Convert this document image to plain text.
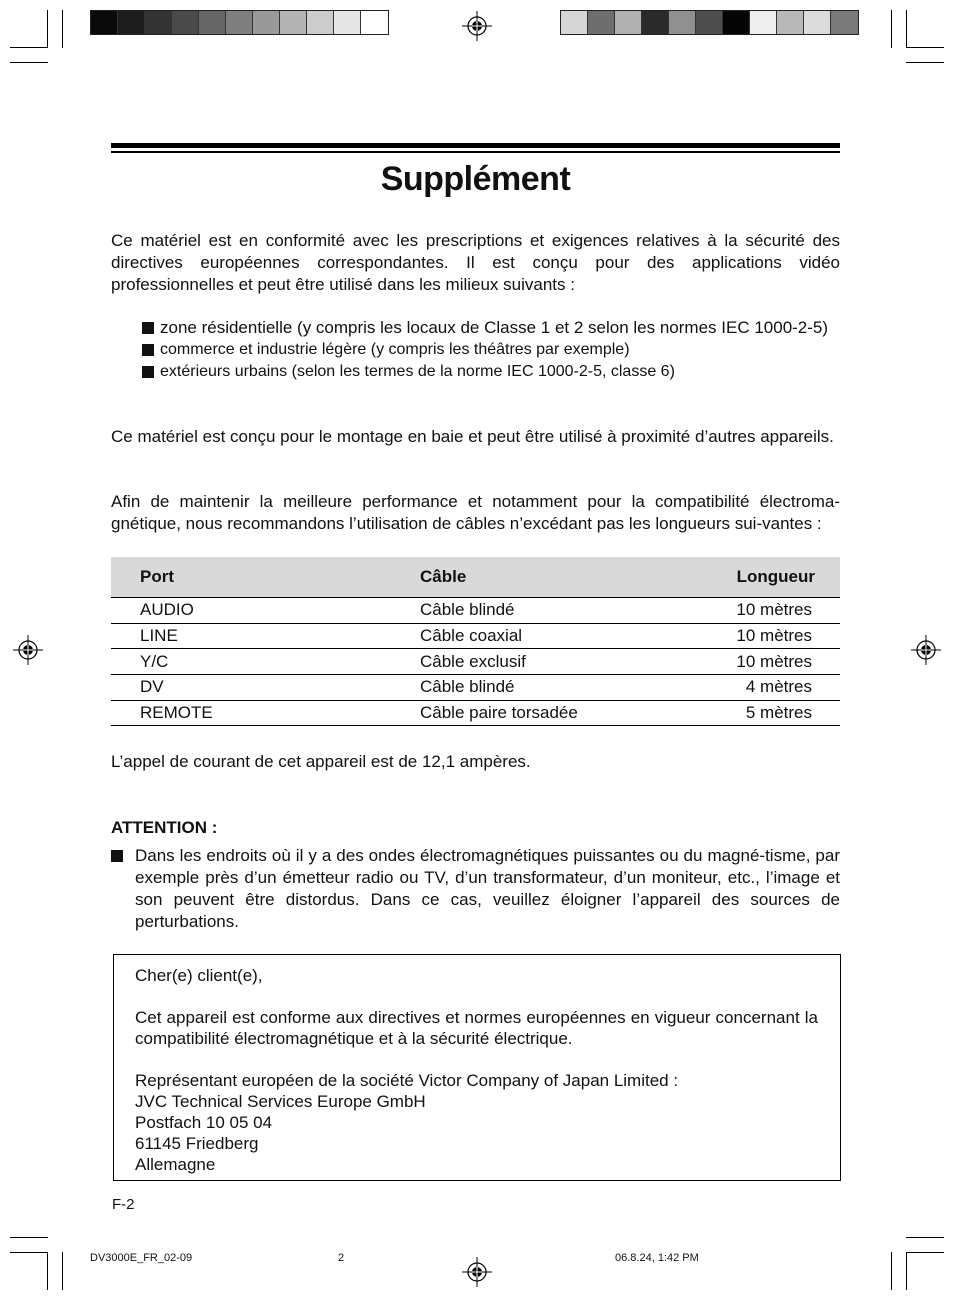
Supplément

Ce matériel est en conformité avec les prescriptions et exigences relatives à la sécurité des directives européennes correspondantes. Il est conçu pour des applications vidéo professionnelles et peut être utilisé dans les milieux suivants :

zone résidentielle (y compris les locaux de Classe 1 et 2 selon les normes IEC 1000-2-5)
commerce et industrie légère (y compris les théâtres par exemple)
extérieurs urbains (selon les termes de la norme IEC 1000-2-5, classe 6)

Ce matériel est conçu pour le montage en baie et peut être utilisé à proximité d’autres appareils.

Afin de maintenir la meilleure performance et notamment pour la compatibilité électroma-gnétique, nous recommandons l’utilisation de câbles n’excédant pas les longueurs sui-vantes :

Port	Câble	Longueur
AUDIO	Câble blindé	10 mètres
LINE	Câble coaxial	10 mètres
Y/C	Câble exclusif	10 mètres
DV	Câble blindé	4 mètres
REMOTE	Câble paire torsadée	5 mètres

L’appel de courant de cet appareil est de 12,1 ampères.

ATTENTION :
Dans les endroits où il y a des ondes électromagnétiques puissantes ou du magné-tisme, par exemple près d’un émetteur radio ou TV, d’un transformateur, d’un moniteur, etc., l’image et son peuvent être distordus. Dans ce cas, veuillez éloigner l’appareil des sources de perturbations.

Cher(e) client(e),

Cet appareil est conforme aux directives et normes européennes en vigueur concernant la compatibilité électromagnétique et à la sécurité électrique.

Représentant européen de la société Victor Company of Japan Limited :

JVC Technical Services Europe GmbH

Postfach 10 05 04

61145 Friedberg

Allemagne

F-2
DV3000E_FR_02-09	2	06.8.24, 1:42 PM
